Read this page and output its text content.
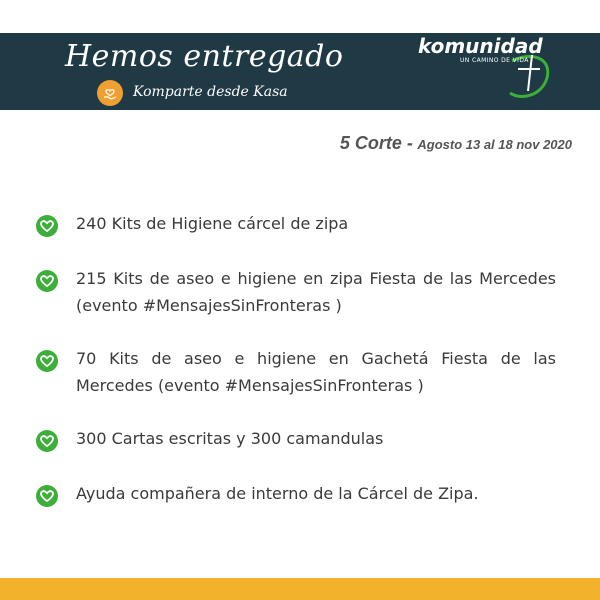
Hemos entregado
Komparte desde Kasa
komunidad
UN CAMINO DE VIDA
5 Corte - Agosto 13 al 18 nov 2020
240 Kits de Higiene cárcel de zipa
215 Kits de aseo e higiene en zipa Fiesta de las Mercedes (evento #MensajesSinFronteras )
70 Kits de aseo e higiene en Gachetá Fiesta de las Mercedes (evento #MensajesSinFronteras )
300 Cartas escritas y 300 camandulas
Ayuda compañera de interno de la Cárcel de Zipa.
